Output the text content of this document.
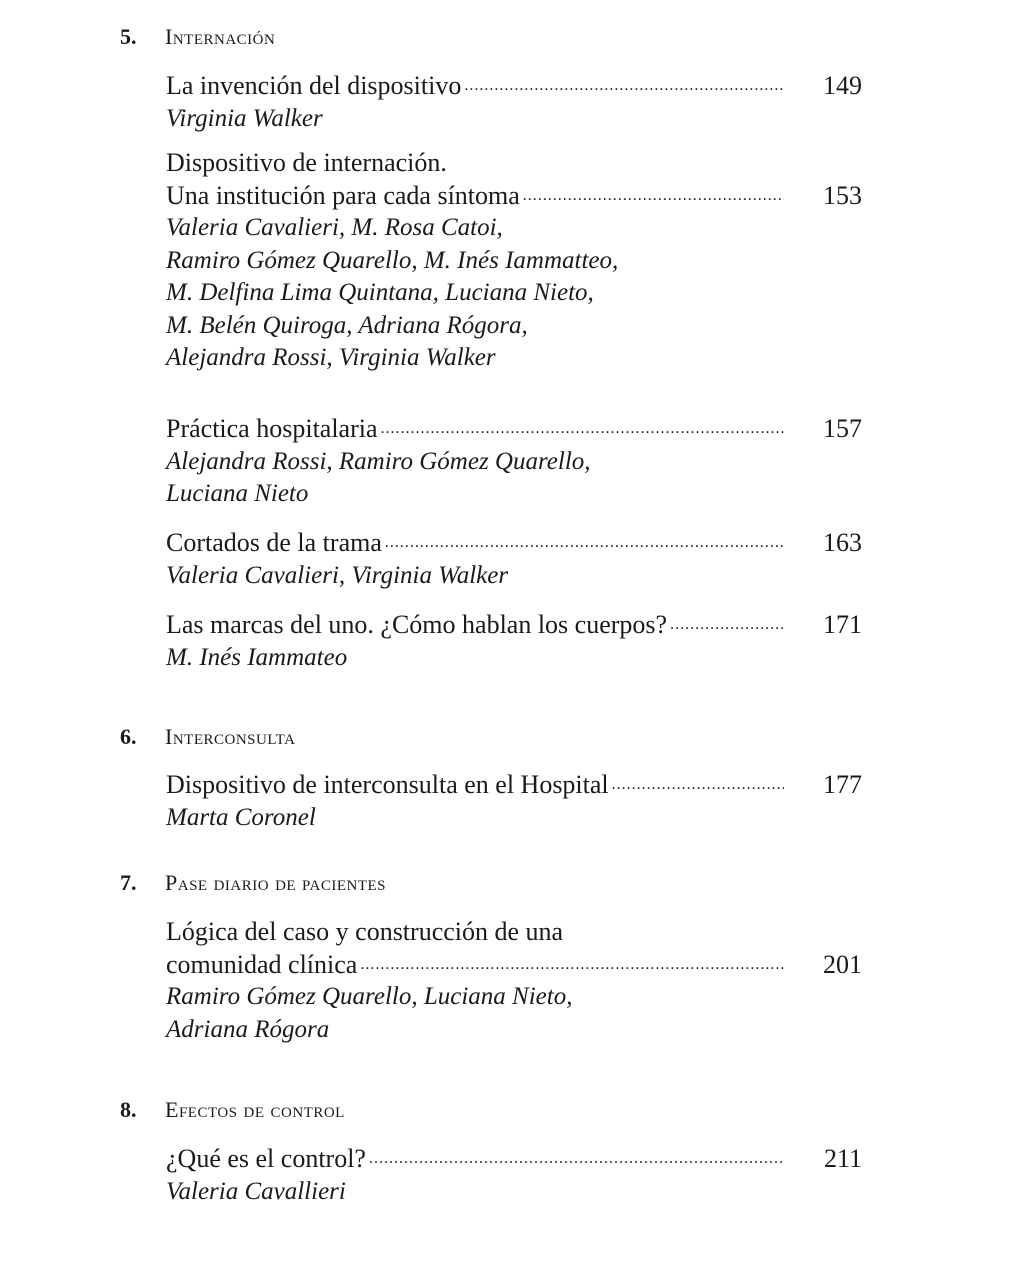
5. Internación
La invención del dispositivo .....	149
Virginia Walker
Dispositivo de internación.
Una institución para cada síntoma .....	153
Valeria Cavalieri, M. Rosa Catoi,
Ramiro Gómez Quarello, M. Inés Iammatteo,
M. Delfina Lima Quintana, Luciana Nieto,
M. Belén Quiroga, Adriana Rógora,
Alejandra Rossi, Virginia Walker
Práctica hospitalaria .....	157
Alejandra Rossi, Ramiro Gómez Quarello,
Luciana Nieto
Cortados de la trama .....	163
Valeria Cavalieri, Virginia Walker
Las marcas del uno. ¿Cómo hablan los cuerpos? .....	171
M. Inés Iammateo
6. Interconsulta
Dispositivo de interconsulta en el Hospital .....	177
Marta Coronel
7. Pase diario de pacientes
Lógica del caso y construcción de una
comunidad clínica .....	201
Ramiro Gómez Quarello, Luciana Nieto,
Adriana Rógora
8. Efectos de control
¿Qué es el control? .....	211
Valeria Cavallieri
